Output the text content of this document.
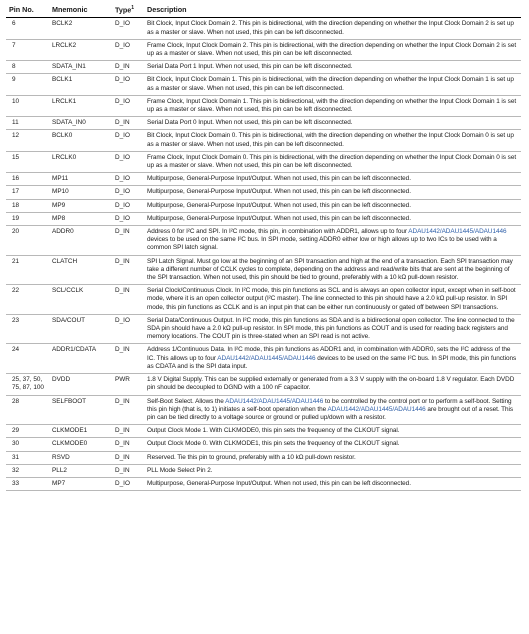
Pin No.	Mnemonic	Type$^1$	Description
6	BCLK2	D_IO	Bit Clock, Input Clock Domain 2. This pin is bidirectional, with the direction depending on whether the Input Clock Domain 2 is set up as a master or slave. When not used, this pin can be left disconnected.
7	LRCLK2	D_IO	Frame Clock, Input Clock Domain 2. This pin is bidirectional, with the direction depending on whether the Input Clock Domain 2 is set up as a master or slave. When not used, this pin can be left disconnected.
8	SDATA_IN1	D_IN	Serial Data Port 1 Input. When not used, this pin can be left disconnected.
9	BCLK1	D_IO	Bit Clock, Input Clock Domain 1. This pin is bidirectional, with the direction depending on whether the Input Clock Domain 1 is set up as a master or slave. When not used, this pin can be left disconnected.
10	LRCLK1	D_IO	Frame Clock, Input Clock Domain 1. This pin is bidirectional, with the direction depending on whether the Input Clock Domain 1 is set up as a master or slave. When not used, this pin can be left disconnected.
11	SDATA_IN0	D_IN	Serial Data Port 0 Input. When not used, this pin can be left disconnected.
12	BCLK0	D_IO	Bit Clock, Input Clock Domain 0. This pin is bidirectional, with the direction depending on whether the Input Clock Domain 0 is set up as a master or slave. When not used, this pin can be left disconnected.
15	LRCLK0	D_IO	Frame Clock, Input Clock Domain 0. This pin is bidirectional, with the direction depending on whether the Input Clock Domain 0 is set up as a master or slave. When not used, this pin can be left disconnected.
16	MP11	D_IO	Multipurpose, General-Purpose Input/Output. When not used, this pin can be left disconnected.
17	MP10	D_IO	Multipurpose, General-Purpose Input/Output. When not used, this pin can be left disconnected.
18	MP9	D_IO	Multipurpose, General-Purpose Input/Output. When not used, this pin can be left disconnected.
19	MP8	D_IO	Multipurpose, General-Purpose Input/Output. When not used, this pin can be left disconnected.
20	ADDR0	D_IN	Address 0 for I²C and SPI. In I²C mode, this pin, in combination with ADDR1, allows up to four ADAU1442/ADAU1445/ADAU1446 devices to be used on the same I²C bus. In SPI mode, setting ADDR0 either low or high allows up to two ICs to be used with a common SPI latch signal.
21	CLATCH	D_IN	SPI Latch Signal. Must go low at the beginning of an SPI transaction and high at the end of a transaction. Each SPI transaction may take a different number of CCLK cycles to complete, depending on the address and read/write bits that are sent at the beginning of the SPI transaction. When not used, this pin should be tied to ground, preferably with a 10 kΩ pull-down resistor.
22	SCL/CCLK	D_IN	Serial Clock/Continuous Clock. In I²C mode, this pin functions as SCL and is always an open collector input, except when in self-boot mode, where it is an open collector output (I²C master). The line connected to this pin should have a 2.0 kΩ pull-up resistor. In SPI mode, this pin functions as CCLK and is an input pin that can be either run continuously or gated off between SPI transactions.
23	SDA/COUT	D_IO	Serial Data/Continuous Output. In I²C mode, this pin functions as SDA and is a bidirectional open collector. The line connected to the SDA pin should have a 2.0 kΩ pull-up resistor. In SPI mode, this pin functions as COUT and is used for reading back registers and memory locations. The COUT pin is three-stated when an SPI read is not active.
24	ADDR1/CDATA	D_IN	Address 1/Continuous Data. In I²C mode, this pin functions as ADDR1 and, in combination with ADDR0, sets the I²C address of the IC. This allows up to four ADAU1442/ADAU1445/ADAU1446 devices to be used on the same I²C bus. In SPI mode, this pin functions as CDATA and is the SPI data input.
25, 37, 50, 75, 87, 100	DVDD	PWR	1.8 V Digital Supply. This can be supplied externally or generated from a 3.3 V supply with the on-board 1.8 V regulator. Each DVDD pin should be decoupled to DGND with a 100 nF capacitor.
28	SELFBOOT	D_IN	Self-Boot Select. Allows the ADAU1442/ADAU1445/ADAU1446 to be controlled by the control port or to perform a self-boot. Setting this pin high (that is, to 1) initiates a self-boot operation when the ADAU1442/ADAU1445/ADAU1446 are brought out of a reset. This pin can be tied directly to a voltage source or ground or pulled up/down with a resistor.
29	CLKMODE1	D_IN	Output Clock Mode 1. With CLKMODE0, this pin sets the frequency of the CLKOUT signal.
30	CLKMODE0	D_IN	Output Clock Mode 0. With CLKMODE1, this pin sets the frequency of the CLKOUT signal.
31	RSVD	D_IN	Reserved. Tie this pin to ground, preferably with a 10 kΩ pull-down resistor.
32	PLL2	D_IN	PLL Mode Select Pin 2.
33	MP7	D_IO	Multipurpose, General-Purpose Input/Output. When not used, this pin can be left disconnected.
